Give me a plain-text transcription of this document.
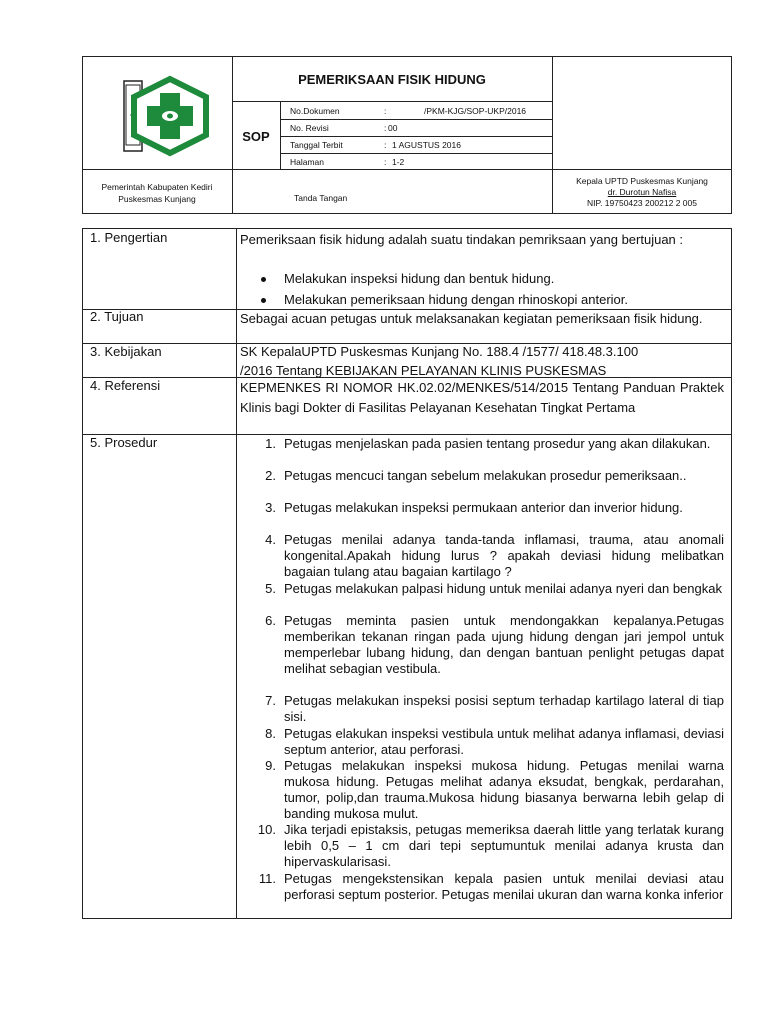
PEMERIKSAAN FISIK HIDUNG
SOP
No.Dokumen	:	/PKM-KJG/SOP-UKP/2016
No. Revisi	: 00
Tanggal Terbit	: 1 AGUSTUS 2016
Halaman	: 1-2
Pemerintah Kabupaten Kediri
Puskesmas Kunjang	Tanda Tangan
Kepala UPTD Puskesmas Kunjang
dr. Durotun Nafisa
NIP. 19750423 200212 2 005
1. Pengertian	Pemeriksaan fisik hidung adalah suatu tindakan pemriksaan yang bertujuan :
Melakukan inspeksi hidung dan bentuk hidung.
Melakukan pemeriksaan hidung dengan rhinoskopi anterior.
2. Tujuan	Sebagai acuan petugas untuk melaksanakan kegiatan pemeriksaan fisik hidung.
3. Kebijakan	SK KepalaUPTD Puskesmas Kunjang No. 188.4 /1577/ 418.48.3.100
/2016 Tentang KEBIJAKAN PELAYANAN KLINIS PUSKESMAS
4. Referensi	KEPMENKES RI NOMOR HK.02.02/MENKES/514/2015 Tentang Panduan Praktek Klinis bagi Dokter di Fasilitas Pelayanan Kesehatan Tingkat Pertama
5. Prosedur	1. Petugas menjelaskan pada pasien tentang prosedur yang akan dilakukan.
2. Petugas mencuci tangan sebelum melakukan prosedur pemeriksaan..
3. Petugas melakukan inspeksi permukaan anterior dan inverior hidung.
4. Petugas menilai adanya tanda-tanda inflamasi, trauma, atau anomali kongenital.Apakah hidung lurus ? apakah deviasi hidung melibatkan bagaian tulang atau bagaian kartilago ?
5. Petugas melakukan palpasi hidung untuk menilai adanya nyeri dan bengkak
6. Petugas meminta pasien untuk mendongakkan kepalanya.Petugas memberikan tekanan ringan pada ujung hidung dengan jari jempol untuk memperlebar lubang hidung, dan dengan bantuan penlight petugas dapat melihat sebagian vestibula.
7. Petugas melakukan inspeksi posisi septum terhadap kartilago lateral di tiap sisi.
8. Petugas elakukan inspeksi vestibula untuk melihat adanya inflamasi, deviasi septum anterior, atau perforasi.
9. Petugas melakukan inspeksi mukosa hidung. Petugas menilai warna mukosa hidung. Petugas melihat adanya eksudat, bengkak, perdarahan, tumor, polip,dan trauma.Mukosa hidung biasanya berwarna lebih gelap di banding mukosa mulut.
10. Jika terjadi epistaksis, petugas memeriksa daerah little yang terlatak kurang lebih 0,5 – 1 cm dari tepi septumuntuk menilai adanya krusta dan hipervaskularisasi.
11. Petugas mengekstensikan kepala pasien untuk menilai deviasi atau perforasi septum posterior. Petugas menilai ukuran dan warna konka inferior
